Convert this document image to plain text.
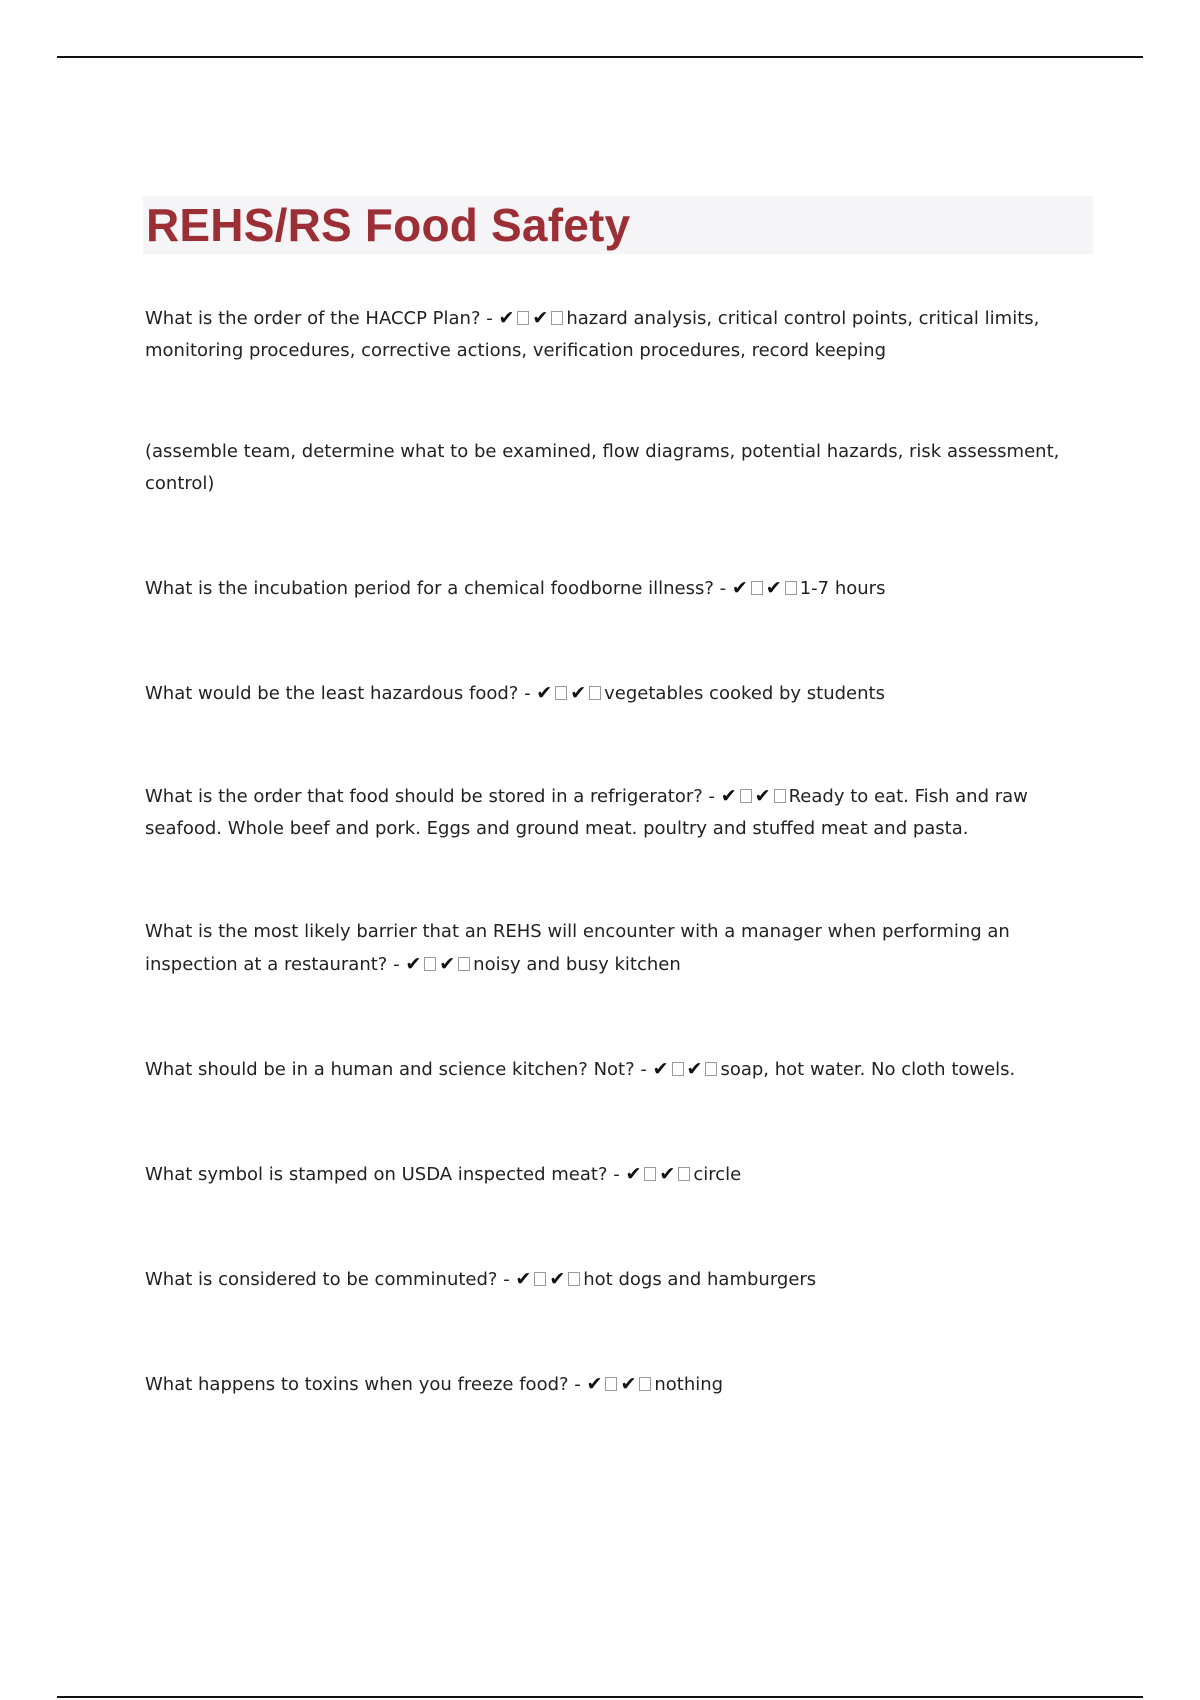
REHS/RS Food Safety

What is the order of the HACCP Plan? - ✔ ✔ hazard analysis, critical control points, critical limits, monitoring procedures, corrective actions, verification procedures, record keeping

(assemble team, determine what to be examined, flow diagrams, potential hazards, risk assessment, control)

What is the incubation period for a chemical foodborne illness? - ✔ ✔ 1-7 hours

What would be the least hazardous food? - ✔ ✔ vegetables cooked by students

What is the order that food should be stored in a refrigerator? - ✔ ✔ Ready to eat. Fish and raw seafood. Whole beef and pork. Eggs and ground meat. poultry and stuffed meat and pasta.

What is the most likely barrier that an REHS will encounter with a manager when performing an inspection at a restaurant? - ✔ ✔ noisy and busy kitchen

What should be in a human and science kitchen? Not? - ✔ ✔ soap, hot water. No cloth towels.

What symbol is stamped on USDA inspected meat? - ✔ ✔ circle

What is considered to be comminuted? - ✔ ✔ hot dogs and hamburgers

What happens to toxins when you freeze food? - ✔ ✔ nothing
